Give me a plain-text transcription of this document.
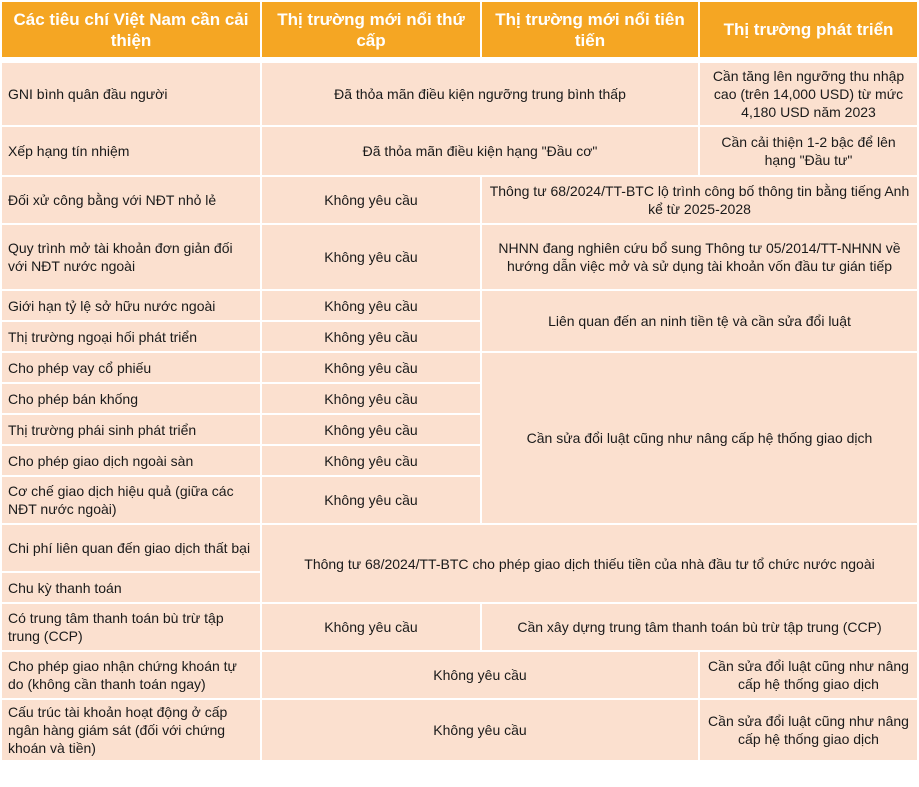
Các tiêu chí Việt Nam cần cải thiện	Thị trường mới nổi thứ cấp	Thị trường mới nổi tiên tiến	Thị trường phát triển

GNI bình quân đầu người	Đã thỏa mãn điều kiện ngưỡng trung bình thấp		Cần tăng lên ngưỡng thu nhập cao (trên 14,000 USD) từ mức 4,180 USD năm 2023
Xếp hạng tín nhiệm	Đã thỏa mãn điều kiện hạng "Đầu cơ"		Cần cải thiện 1-2 bậc để lên hạng "Đầu tư"
Đối xử công bằng với NĐT nhỏ lẻ	Không yêu cầu	Thông tư 68/2024/TT-BTC lộ trình công bố thông tin bằng tiếng Anh kể từ 2025-2028	
Quy trình mở tài khoản đơn giản đối với NĐT nước ngoài	Không yêu cầu	NHNN đang nghiên cứu bổ sung Thông tư 05/2014/TT-NHNN về hướng dẫn việc mở và sử dụng tài khoản vốn đầu tư gián tiếp	
Giới hạn tỷ lệ sở hữu nước ngoài	Không yêu cầu	Liên quan đến an ninh tiền tệ và cần sửa đổi luật	
Thị trường ngoại hối phát triển	Không yêu cầu		
Cho phép vay cổ phiếu	Không yêu cầu	Cần sửa đổi luật cũng như nâng cấp hệ thống giao dịch	
Cho phép bán khống	Không yêu cầu		
Thị trường phái sinh phát triển	Không yêu cầu		
Cho phép giao dịch ngoài sàn	Không yêu cầu		
Cơ chế giao dịch hiệu quả (giữa các NĐT nước ngoài)	Không yêu cầu		
Chi phí liên quan đến giao dịch thất bại	Thông tư 68/2024/TT-BTC cho phép giao dịch thiếu tiền của nhà đầu tư tổ chức nước ngoài		
Chu kỳ thanh toán			
Có trung tâm thanh toán bù trừ tập trung (CCP)	Không yêu cầu	Cần xây dựng trung tâm thanh toán bù trừ tập trung (CCP)	
Cho phép giao nhận chứng khoán tự do (không cần thanh toán ngay)	Không yêu cầu		Cần sửa đổi luật cũng như nâng cấp hệ thống giao dịch
Cấu trúc tài khoản hoạt động ở cấp ngân hàng giám sát (đối với chứng khoán và tiền)	Không yêu cầu		Cần sửa đổi luật cũng như nâng cấp hệ thống giao dịch
